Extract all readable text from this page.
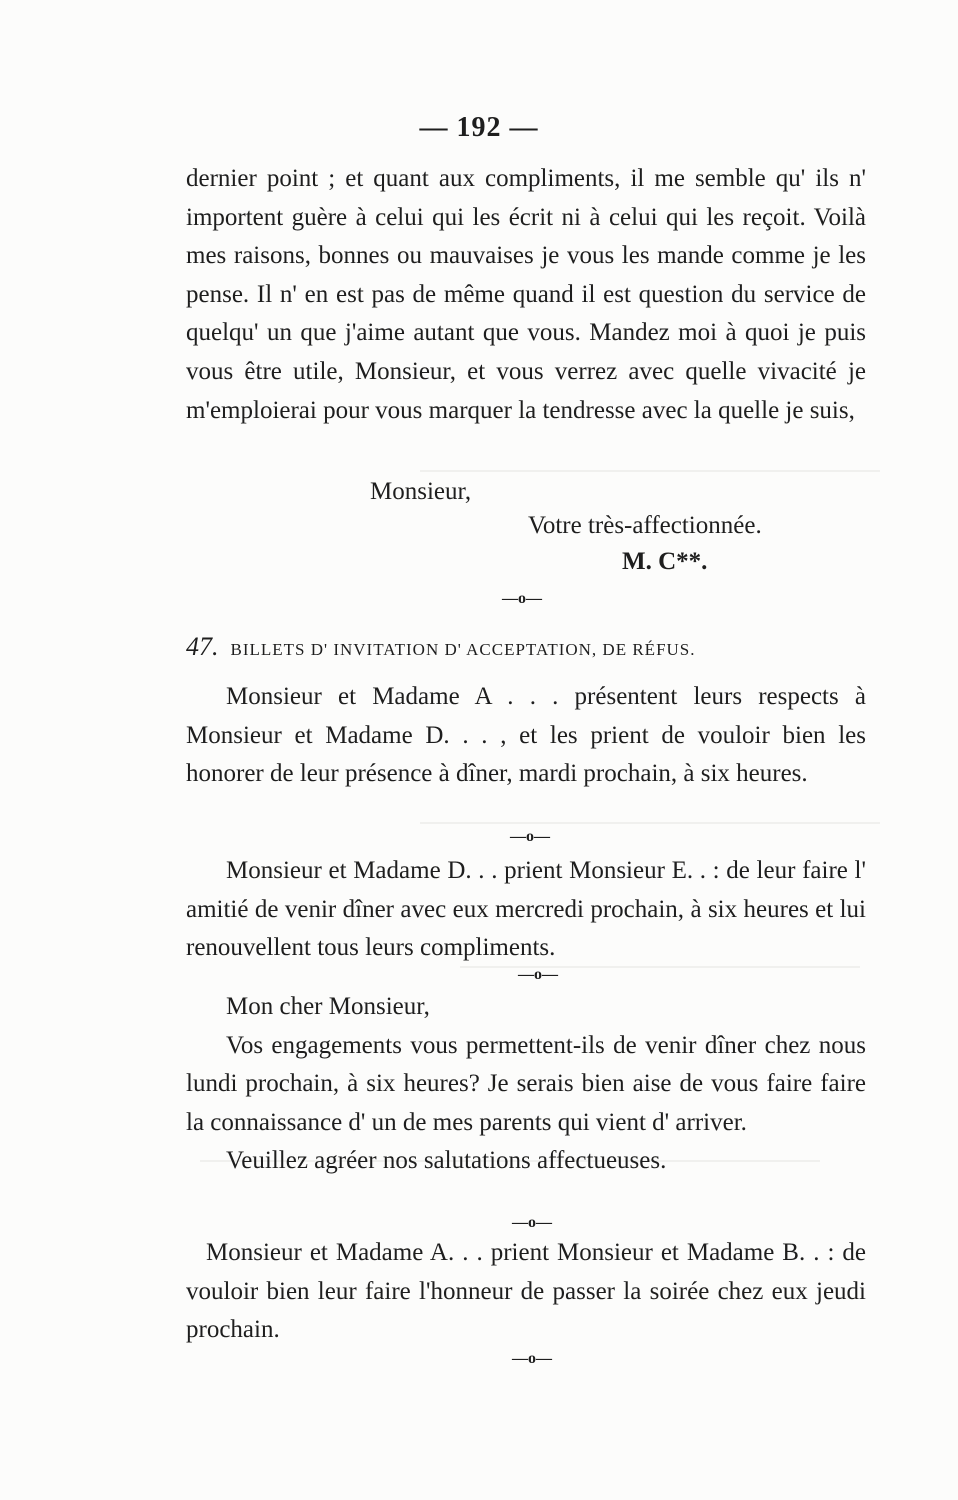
— 192 —

dernier point ; et quant aux compliments, il me semble qu' ils n' importent guère à celui qui les écrit ni à celui qui les reçoit. Voilà mes raisons, bonnes ou mauvaises je vous les mande comme je les pense. Il n' en est pas de même quand il est question du service de quelqu' un que j'aime autant que vous. Mandez moi à quoi je puis vous être utile, Monsieur, et vous verrez avec quelle vivacité je m'emploierai pour vous marquer la tendresse avec la quelle je suis,

Monsieur,
Votre très-affectionnée.
M. C**.
—o—
47. BILLETS D' INVITATION D' ACCEPTATION, DE RÉFUS.

Monsieur et Madame A . . . présentent leurs respects à Monsieur et Madame D. . . , et les prient de vouloir bien les honorer de leur présence à dîner, mardi prochain, à six heures.

—o—

Monsieur et Madame D. . . prient Monsieur E. . : de leur faire l' amitié de venir dîner avec eux mercredi prochain, à six heures et lui renouvellent tous leurs compliments.

—o—

Mon cher Monsieur,

Vos engagements vous permettent-ils de venir dîner chez nous lundi prochain, à six heures? Je serais bien aise de vous faire faire la connaissance d' un de mes parents qui vient d' arriver.

Veuillez agréer nos salutations affectueuses.

—o—

Monsieur et Madame A. . . prient Monsieur et Madame B. . : de vouloir bien leur faire l'honneur de passer la soirée chez eux jeudi prochain.

—o—
